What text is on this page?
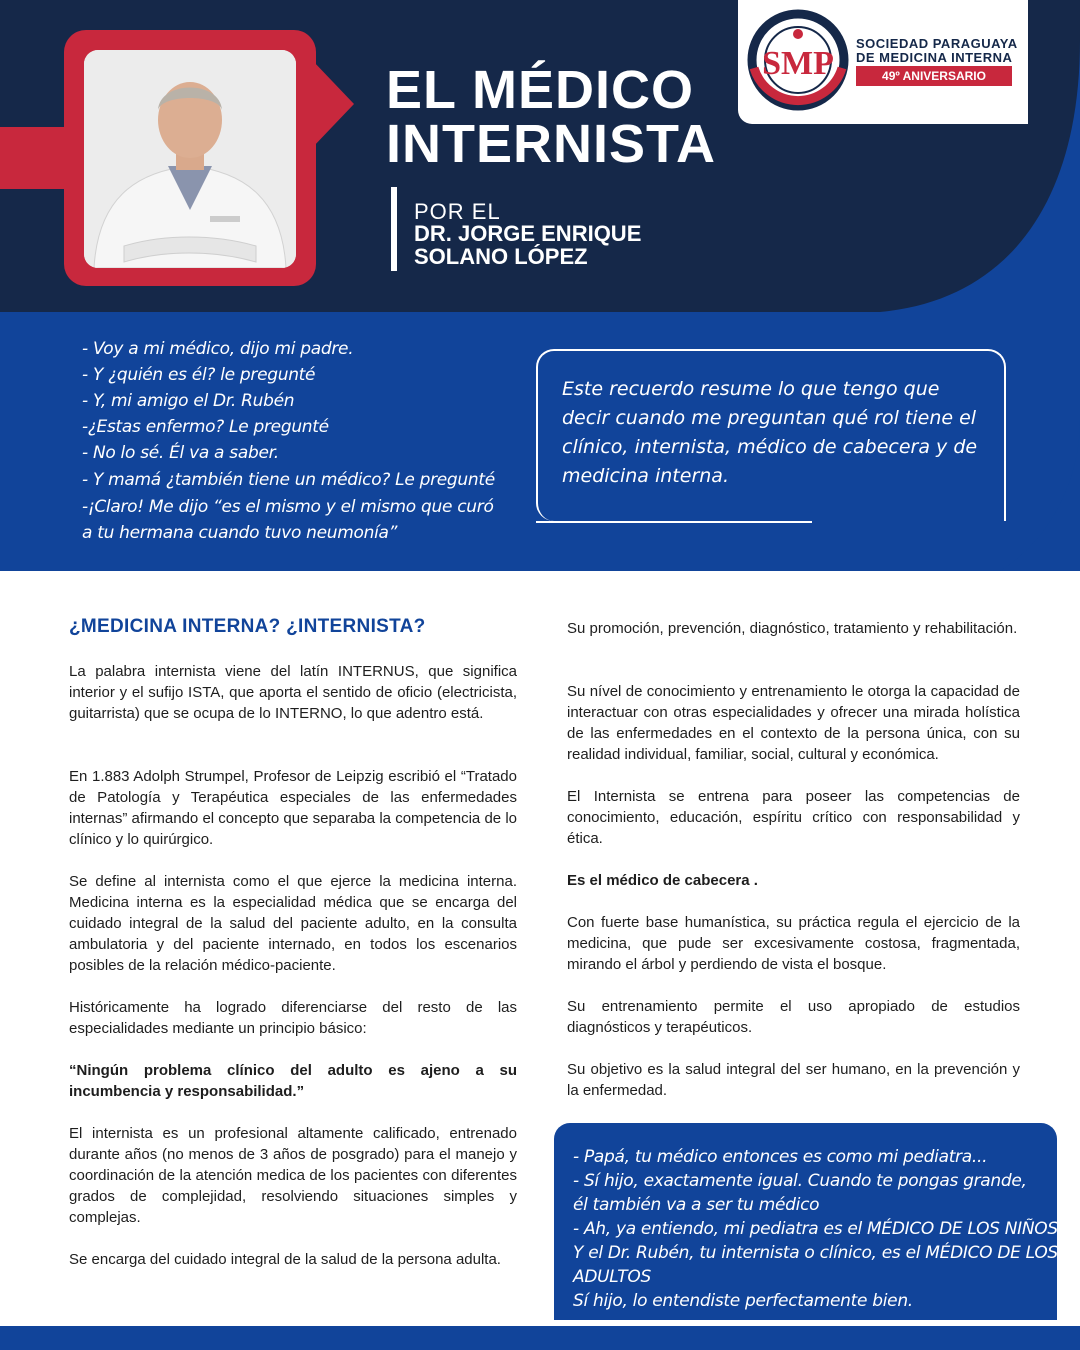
EL MÉDICO
INTERNISTA
POR EL
DR. JORGE ENRIQUE
SOLANO LÓPEZ
SMP
SOCIEDAD PARAGUAYA
DE MEDICINA INTERNA
49º ANIVERSARIO
- Voy a mi médico, dijo mi padre.
- Y ¿quién es él? le pregunté
- Y, mi amigo el Dr. Rubén
-¿Estas enfermo? Le pregunté
- No lo sé. Él va a saber.
- Y mamá ¿también tiene un médico? Le pregunté
-¡Claro! Me dijo “es el mismo y el mismo que curó
a tu hermana cuando tuvo neumonía”
Este recuerdo resume lo que tengo que decir cuando me preguntan qué rol tiene el clínico, internista, médico de cabecera y de medicina interna.
¿MEDICINA INTERNA? ¿INTERNISTA?
La palabra internista viene del latín INTERNUS, que significa interior y el sufijo ISTA, que aporta el sentido de oficio (electricista, guitarrista) que se ocupa de lo INTERNO, lo que adentro está.
En 1.883 Adolph Strumpel, Profesor de Leipzig escribió el “Tratado de Patología y Terapéutica especiales de las enfermedades internas” afirmando el concepto que separaba la competencia de lo clínico y lo quirúrgico.
Se define al internista como el que ejerce la medicina interna. Medicina interna es la especialidad médica que se encarga del cuidado integral de la salud del paciente adulto, en la consulta ambulatoria y del paciente internado, en todos los escenarios posibles de la relación médico-paciente.
Históricamente ha logrado diferenciarse del resto de las especialidades mediante un principio básico:
“Ningún problema clínico del adulto es ajeno a su incumbencia y responsabilidad.”
El internista es un profesional altamente calificado, entrenado durante años (no menos de 3 años de posgrado) para el manejo y coordinación de la atención medica de los pacientes con diferentes grados de complejidad, resolviendo situaciones simples y complejas.
Se encarga del cuidado integral de la salud de la persona adulta.
Su promoción, prevención, diagnóstico, tratamiento y rehabilitación.
Su nível de conocimiento y entrenamiento le otorga la capacidad de interactuar con otras especialidades y ofrecer una mirada holística de las enfermedades en el contexto de la persona única, con su realidad individual, familiar, social, cultural y económica.
El Internista se entrena para poseer las competencias de conocimiento, educación, espíritu crítico con responsabilidad y ética.
Es el médico de cabecera .
Con fuerte base humanística, su práctica regula el ejercicio de la medicina, que pude ser excesivamente costosa, fragmentada, mirando el árbol y perdiendo de vista el bosque.
Su entrenamiento permite el uso apropiado de estudios diagnósticos y terapéuticos.
Su objetivo es la salud integral del ser humano, en la prevención y la enfermedad.
- Papá, tu médico entonces es como mi pediatra...
- Sí hijo, exactamente igual. Cuando te pongas grande,
él también va a ser tu médico
- Ah, ya entiendo, mi pediatra es el MÉDICO DE LOS NIÑOS.
Y el Dr. Rubén, tu internista o clínico, es el MÉDICO DE LOS
ADULTOS
Sí hijo, lo entendiste perfectamente bien.
